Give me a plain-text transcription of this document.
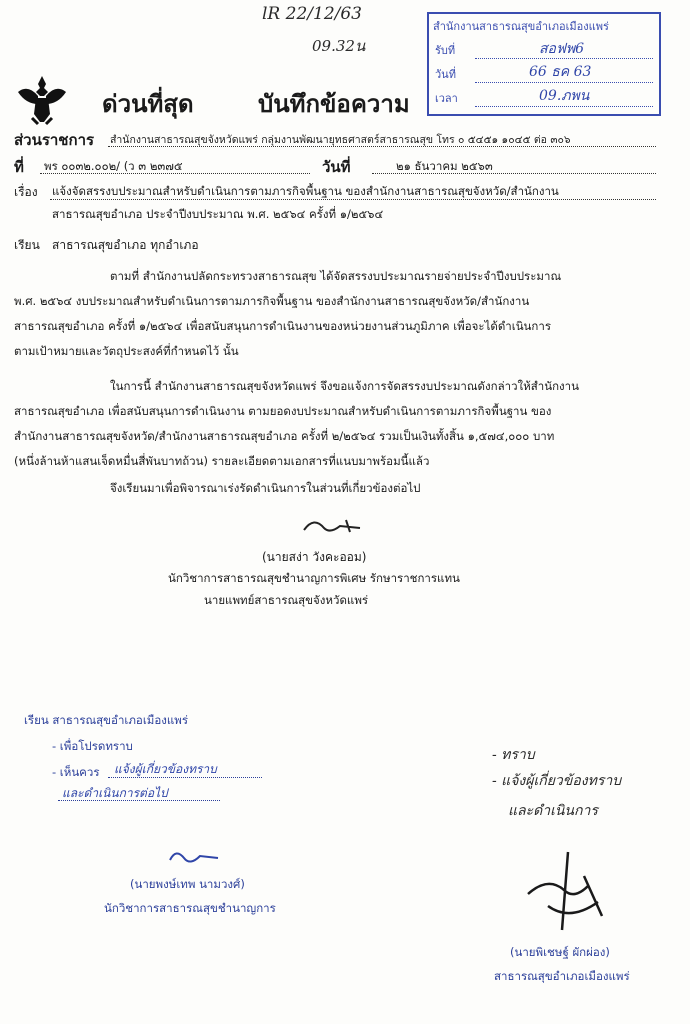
lR 22/12/63
09.32น
สำนักงานสาธารณสุขอำเภอเมืองแพร่
รับที่	สอฟพ6
วันที่	66 ธค 63
เวลา	09.ภพน
ด่วนที่สุด	บันทึกข้อความ
ส่วนราชการ สำนักงานสาธารณสุขจังหวัดแพร่ กลุ่มงานพัฒนายุทธศาสตร์สาธารณสุข โทร ๐ ๕๔๕๑ ๑๐๔๕ ต่อ ๓๐๖
ที่ พร ๐๐๓๒.๐๐๒/ (ว ๓ ๒๓๗๕	วันที่	๒๑ ธันวาคม ๒๕๖๓
เรื่อง แจ้งจัดสรรงบประมาณสำหรับดำเนินการตามภารกิจพื้นฐาน ของสำนักงานสาธารณสุขจังหวัด/สำนักงาน
สาธารณสุขอำเภอ ประจำปีงบประมาณ พ.ศ. ๒๕๖๔ ครั้งที่ ๑/๒๕๖๔
เรียน สาธารณสุขอำเภอ ทุกอำเภอ
ตามที่ สำนักงานปลัดกระทรวงสาธารณสุข ได้จัดสรรงบประมาณรายจ่ายประจำปีงบประมาณ
พ.ศ. ๒๕๖๔ งบประมาณสำหรับดำเนินการตามภารกิจพื้นฐาน ของสำนักงานสาธารณสุขจังหวัด/สำนักงาน
สาธารณสุขอำเภอ ครั้งที่ ๑/๒๕๖๔ เพื่อสนับสนุนการดำเนินงานของหน่วยงานส่วนภูมิภาค เพื่อจะได้ดำเนินการ
ตามเป้าหมายและวัตถุประสงค์ที่กำหนดไว้ นั้น
ในการนี้ สำนักงานสาธารณสุขจังหวัดแพร่ จึงขอแจ้งการจัดสรรงบประมาณดังกล่าวให้สำนักงาน
สาธารณสุขอำเภอ เพื่อสนับสนุนการดำเนินงาน ตามยอดงบประมาณสำหรับดำเนินการตามภารกิจพื้นฐาน ของ
สำนักงานสาธารณสุขจังหวัด/สำนักงานสาธารณสุขอำเภอ ครั้งที่ ๒/๒๕๖๔ รวมเป็นเงินทั้งสิ้น ๑,๕๗๔,๐๐๐ บาท
(หนึ่งล้านห้าแสนเจ็ดหมื่นสี่พันบาทถ้วน) รายละเอียดตามเอกสารที่แนบมาพร้อมนี้แล้ว
จึงเรียนมาเพื่อพิจารณาเร่งรัดดำเนินการในส่วนที่เกี่ยวข้องต่อไป
(นายสง่า วังคะออม)
นักวิชาการสาธารณสุขชำนาญการพิเศษ รักษาราชการแทน
นายแพทย์สาธารณสุขจังหวัดแพร่
เรียน สาธารณสุขอำเภอเมืองแพร่
- เพื่อโปรดทราบ
- เห็นควร แจ้งผู้เกี่ยวข้องทราบ
และดำเนินการต่อไป
(นายพงษ์เทพ นามวงศ์)
นักวิชาการสาธารณสุขชำนาญการ
- ทราบ
- แจ้งผู้เกี่ยวข้องทราบ
และดำเนินการ
(นายพิเชษฐ์ ผักผ่อง)
สาธารณสุขอำเภอเมืองแพร่
